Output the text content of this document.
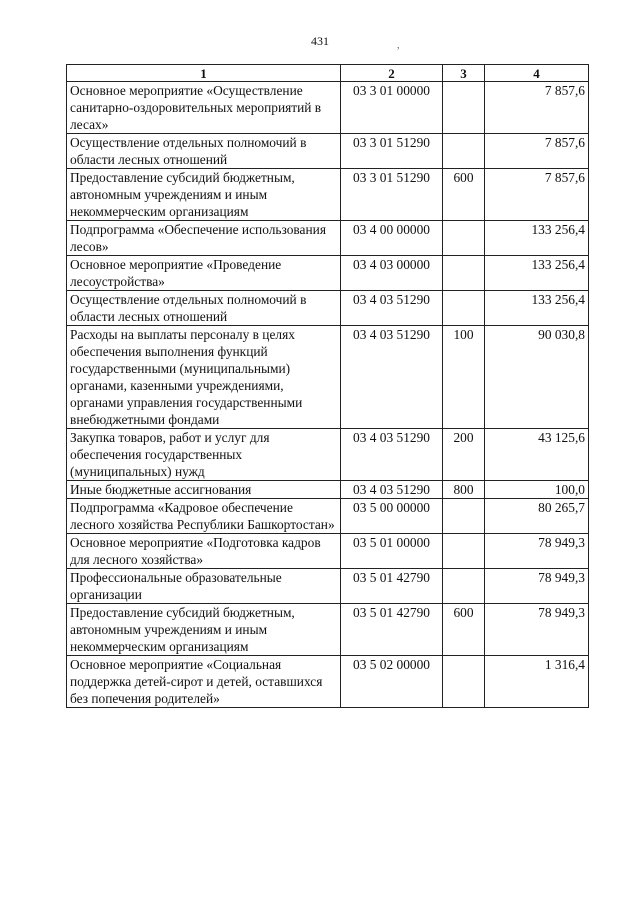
431	,
1	2	3	4
Основное мероприятие «Осуществление санитарно-оздоровительных мероприятий в лесах»	03 3 01 00000		7 857,6
Осуществление отдельных полномочий в области лесных отношений	03 3 01 51290		7 857,6
Предоставление субсидий бюджетным, автономным учреждениям и иным некоммерческим организациям	03 3 01 51290	600	7 857,6
Подпрограмма «Обеспечение использования лесов»	03 4 00 00000		133 256,4
Основное мероприятие «Проведение лесоустройства»	03 4 03 00000		133 256,4
Осуществление отдельных полномочий в области лесных отношений	03 4 03 51290		133 256,4
Расходы на выплаты персоналу в целях обеспечения выполнения функций государственными (муниципальными) органами, казенными учреждениями, органами управления государственными внебюджетными фондами	03 4 03 51290	100	90 030,8
Закупка товаров, работ и услуг для обеспечения государственных (муниципальных) нужд	03 4 03 51290	200	43 125,6
Иные бюджетные ассигнования	03 4 03 51290	800	100,0
Подпрограмма «Кадровое обеспечение лесного хозяйства Республики Башкортостан»	03 5 00 00000		80 265,7
Основное мероприятие «Подготовка кадров для лесного хозяйства»	03 5 01 00000		78 949,3
Профессиональные образовательные организации	03 5 01 42790		78 949,3
Предоставление субсидий бюджетным, автономным учреждениям и иным некоммерческим организациям	03 5 01 42790	600	78 949,3
Основное мероприятие «Социальная поддержка детей-сирот и детей, оставшихся без попечения родителей»	03 5 02 00000		1 316,4
